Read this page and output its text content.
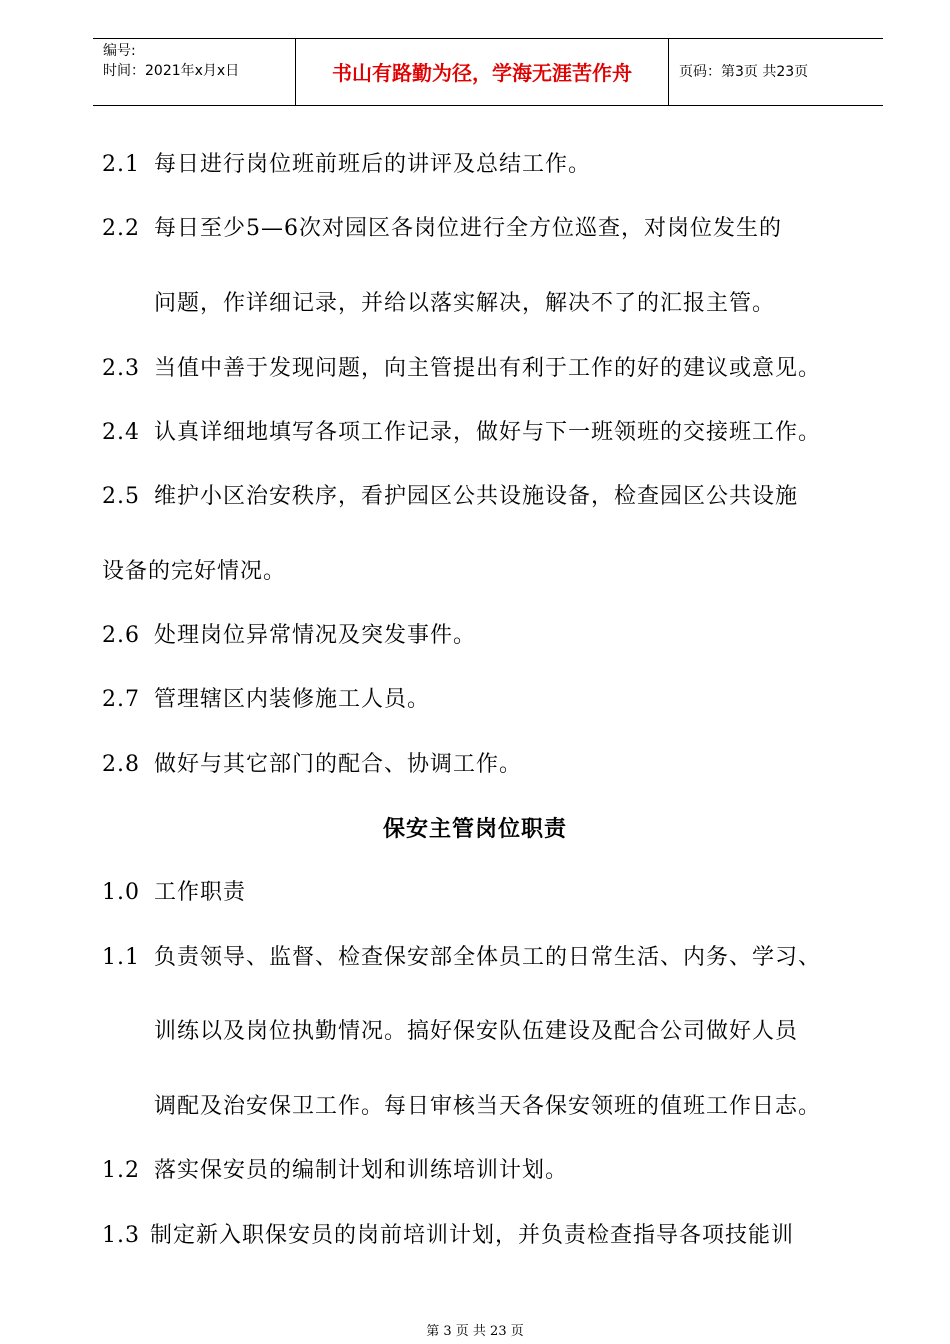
编号:
时间：2021年x月x日	书山有路勤为径，学海无涯苦作舟	页码：第3页 共23页
2.1 每日进行岗位班前班后的讲评及总结工作。
2.2 每日至少5—6次对园区各岗位进行全方位巡查，对岗位发生的
问题，作详细记录，并给以落实解决，解决不了的汇报主管。
2.3 当值中善于发现问题，向主管提出有利于工作的好的建议或意见。
2.4 认真详细地填写各项工作记录，做好与下一班领班的交接班工作。
2.5 维护小区治安秩序，看护园区公共设施设备，检查园区公共设施
设备的完好情况。
2.6 处理岗位异常情况及突发事件。
2.7 管理辖区内装修施工人员。
2.8 做好与其它部门的配合、协调工作。
保安主管岗位职责
1.0 工作职责
1.1 负责领导、监督、检查保安部全体员工的日常生活、内务、学习、
训练以及岗位执勤情况。搞好保安队伍建设及配合公司做好人员
调配及治安保卫工作。每日审核当天各保安领班的值班工作日志。
1.2 落实保安员的编制计划和训练培训计划。
1.3 制定新入职保安员的岗前培训计划，并负责检查指导各项技能训
第 3 页 共 23 页
